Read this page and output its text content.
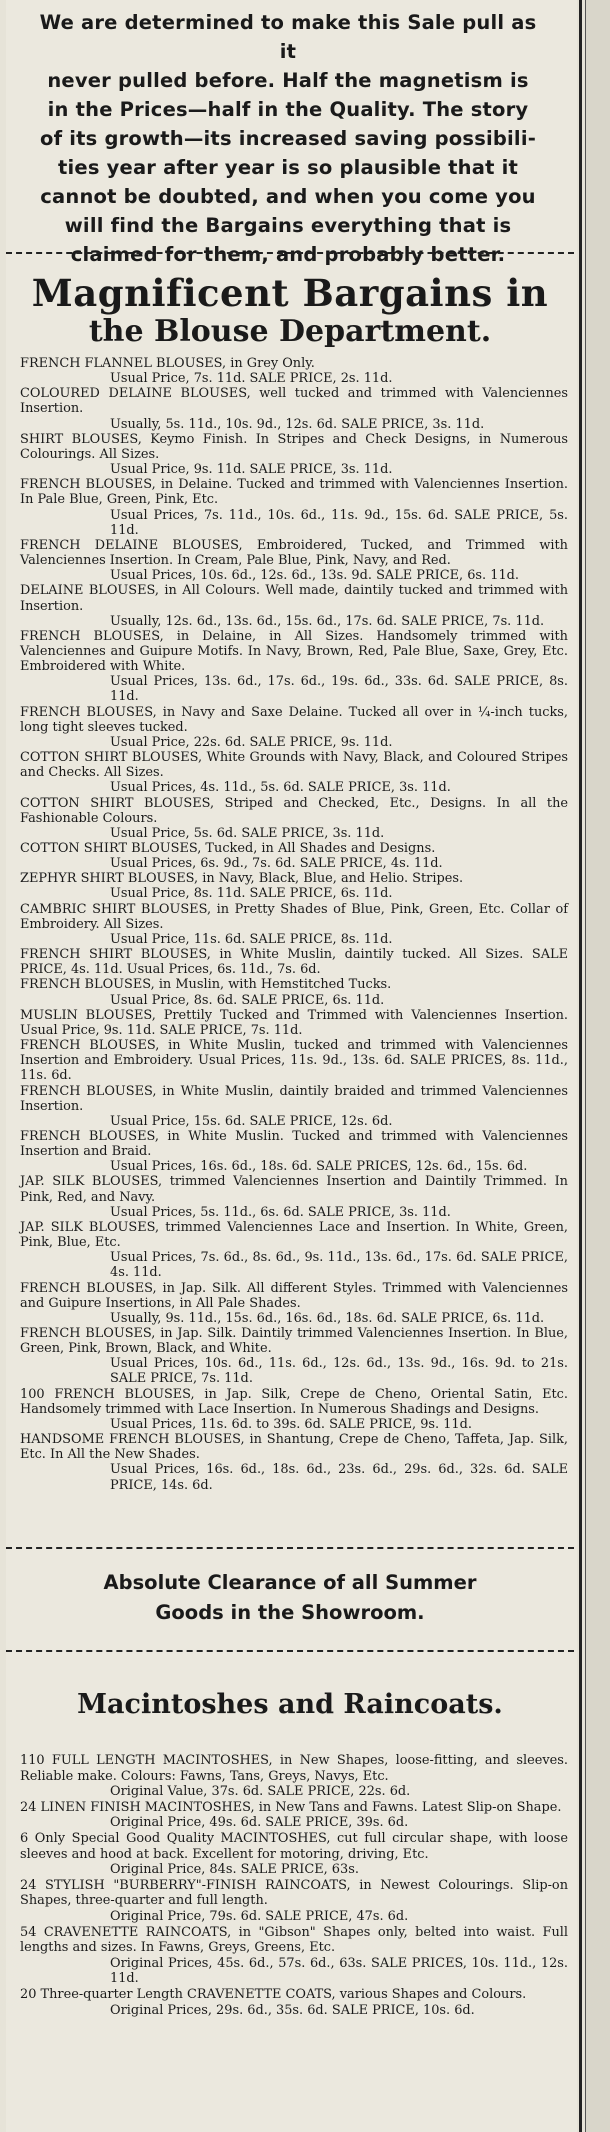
We are determined to make this Sale pull as it
never pulled before. Half the magnetism is
in the Prices—half in the Quality. The story
of its growth—its increased saving possibili-
ties year after year is so plausible that it
cannot be doubted, and when you come you
will find the Bargains everything that is
claimed for them, and probably better.
Magnificent Bargains in
the Blouse Department.
FRENCH FLANNEL BLOUSES, in Grey Only.
Usual Price, 7s. 11d. SALE PRICE, 2s. 11d.
COLOURED DELAINE BLOUSES, well tucked and trimmed with Valenciennes Insertion.
Usually, 5s. 11d., 10s. 9d., 12s. 6d. SALE PRICE, 3s. 11d.
SHIRT BLOUSES, Keymo Finish. In Stripes and Check Designs, in Numerous Colourings. All Sizes.
Usual Price, 9s. 11d. SALE PRICE, 3s. 11d.
FRENCH BLOUSES, in Delaine. Tucked and trimmed with Valenciennes Insertion. In Pale Blue, Green, Pink, Etc.
Usual Prices, 7s. 11d., 10s. 6d., 11s. 9d., 15s. 6d. SALE PRICE, 5s. 11d.
FRENCH DELAINE BLOUSES, Embroidered, Tucked, and Trimmed with Valenciennes Insertion. In Cream, Pale Blue, Pink, Navy, and Red.
Usual Prices, 10s. 6d., 12s. 6d., 13s. 9d. SALE PRICE, 6s. 11d.
DELAINE BLOUSES, in All Colours. Well made, daintily tucked and trimmed with Insertion.
Usually, 12s. 6d., 13s. 6d., 15s. 6d., 17s. 6d. SALE PRICE, 7s. 11d.
FRENCH BLOUSES, in Delaine, in All Sizes. Handsomely trimmed with Valenciennes and Guipure Motifs. In Navy, Brown, Red, Pale Blue, Saxe, Grey, Etc. Embroidered with White.
Usual Prices, 13s. 6d., 17s. 6d., 19s. 6d., 33s. 6d. SALE PRICE, 8s. 11d.
FRENCH BLOUSES, in Navy and Saxe Delaine. Tucked all over in ¼-inch tucks, long tight sleeves tucked.
Usual Price, 22s. 6d. SALE PRICE, 9s. 11d.
COTTON SHIRT BLOUSES, White Grounds with Navy, Black, and Coloured Stripes and Checks. All Sizes.
Usual Prices, 4s. 11d., 5s. 6d. SALE PRICE, 3s. 11d.
COTTON SHIRT BLOUSES, Striped and Checked, Etc., Designs. In all the Fashionable Colours.
Usual Price, 5s. 6d. SALE PRICE, 3s. 11d.
COTTON SHIRT BLOUSES, Tucked, in All Shades and Designs.
Usual Prices, 6s. 9d., 7s. 6d. SALE PRICE, 4s. 11d.
ZEPHYR SHIRT BLOUSES, in Navy, Black, Blue, and Helio. Stripes.
Usual Price, 8s. 11d. SALE PRICE, 6s. 11d.
CAMBRIC SHIRT BLOUSES, in Pretty Shades of Blue, Pink, Green, Etc. Collar of Embroidery. All Sizes.
Usual Price, 11s. 6d. SALE PRICE, 8s. 11d.
FRENCH SHIRT BLOUSES, in White Muslin, daintily tucked. All Sizes. SALE PRICE, 4s. 11d. Usual Prices, 6s. 11d., 7s. 6d.
FRENCH BLOUSES, in Muslin, with Hemstitched Tucks.
Usual Price, 8s. 6d. SALE PRICE, 6s. 11d.
MUSLIN BLOUSES, Prettily Tucked and Trimmed with Valenciennes Insertion. Usual Price, 9s. 11d. SALE PRICE, 7s. 11d.
FRENCH BLOUSES, in White Muslin, tucked and trimmed with Valenciennes Insertion and Embroidery. Usual Prices, 11s. 9d., 13s. 6d. SALE PRICES, 8s. 11d., 11s. 6d.
FRENCH BLOUSES, in White Muslin, daintily braided and trimmed Valenciennes Insertion.
Usual Price, 15s. 6d. SALE PRICE, 12s. 6d.
FRENCH BLOUSES, in White Muslin. Tucked and trimmed with Valenciennes Insertion and Braid.
Usual Prices, 16s. 6d., 18s. 6d. SALE PRICES, 12s. 6d., 15s. 6d.
JAP. SILK BLOUSES, trimmed Valenciennes Insertion and Daintily Trimmed. In Pink, Red, and Navy.
Usual Prices, 5s. 11d., 6s. 6d. SALE PRICE, 3s. 11d.
JAP. SILK BLOUSES, trimmed Valenciennes Lace and Insertion. In White, Green, Pink, Blue, Etc.
Usual Prices, 7s. 6d., 8s. 6d., 9s. 11d., 13s. 6d., 17s. 6d. SALE PRICE, 4s. 11d.
FRENCH BLOUSES, in Jap. Silk. All different Styles. Trimmed with Valenciennes and Guipure Insertions, in All Pale Shades.
Usually, 9s. 11d., 15s. 6d., 16s. 6d., 18s. 6d. SALE PRICE, 6s. 11d.
FRENCH BLOUSES, in Jap. Silk. Daintily trimmed Valenciennes Insertion. In Blue, Green, Pink, Brown, Black, and White.
Usual Prices, 10s. 6d., 11s. 6d., 12s. 6d., 13s. 9d., 16s. 9d. to 21s. SALE PRICE, 7s. 11d.
100 FRENCH BLOUSES, in Jap. Silk, Crepe de Cheno, Oriental Satin, Etc. Handsomely trimmed with Lace Insertion. In Numerous Shadings and Designs.
Usual Prices, 11s. 6d. to 39s. 6d. SALE PRICE, 9s. 11d.
HANDSOME FRENCH BLOUSES, in Shantung, Crepe de Cheno, Taffeta, Jap. Silk, Etc. In All the New Shades.
Usual Prices, 16s. 6d., 18s. 6d., 23s. 6d., 29s. 6d., 32s. 6d. SALE PRICE, 14s. 6d.
Absolute Clearance of all Summer
Goods in the Showroom.
Macintoshes and Raincoats.
110 FULL LENGTH MACINTOSHES, in New Shapes, loose-fitting, and sleeves. Reliable make. Colours: Fawns, Tans, Greys, Navys, Etc.
Original Value, 37s. 6d. SALE PRICE, 22s. 6d.
24 LINEN FINISH MACINTOSHES, in New Tans and Fawns. Latest Slip-on Shape.
Original Price, 49s. 6d. SALE PRICE, 39s. 6d.
6 Only Special Good Quality MACINTOSHES, cut full circular shape, with loose sleeves and hood at back. Excellent for motoring, driving, Etc.
Original Price, 84s. SALE PRICE, 63s.
24 STYLISH "BURBERRY"-FINISH RAINCOATS, in Newest Colourings. Slip-on Shapes, three-quarter and full length.
Original Price, 79s. 6d. SALE PRICE, 47s. 6d.
54 CRAVENETTE RAINCOATS, in "Gibson" Shapes only, belted into waist. Full lengths and sizes. In Fawns, Greys, Greens, Etc.
Original Prices, 45s. 6d., 57s. 6d., 63s. SALE PRICES, 10s. 11d., 12s. 11d.
20 Three-quarter Length CRAVENETTE COATS, various Shapes and Colours.
Original Prices, 29s. 6d., 35s. 6d. SALE PRICE, 10s. 6d.
